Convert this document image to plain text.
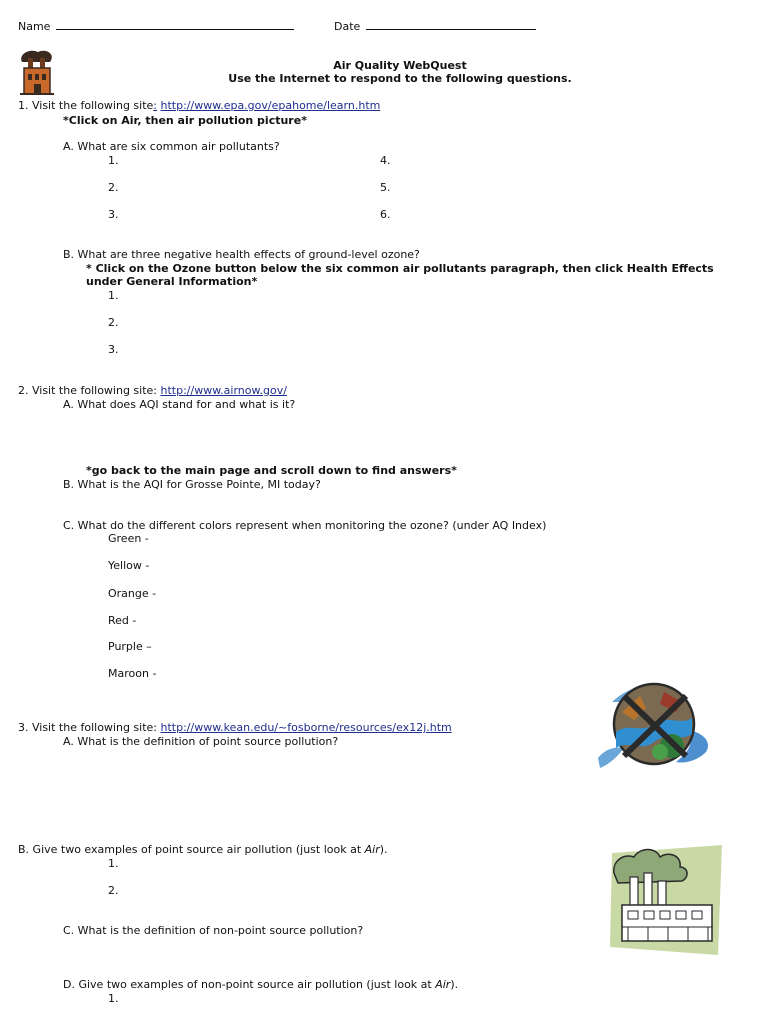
Name	Date
Air Quality WebQuest
Use the Internet to respond to the following questions.
1. Visit the following site: http://www.epa.gov/epahome/learn.htm
*Click on Air, then air pollution picture*
A. What are six common air pollutants?
1.
2.
3.
4.
5.
6.
B. What are three negative health effects of ground-level ozone?
* Click on the Ozone button below the six common air pollutants paragraph, then click Health Effects
under General Information*
1.
2.
3.
2. Visit the following site: http://www.airnow.gov/
A. What does AQI stand for and what is it?
*go back to the main page and scroll down to find answers*
B. What is the AQI for Grosse Pointe, MI today?
C. What do the different colors represent when monitoring the ozone? (under AQ Index)
Green -
Yellow -
Orange -
Red -
Purple –
Maroon -
3. Visit the following site: http://www.kean.edu/~fosborne/resources/ex12j.htm
A. What is the definition of point source pollution?
B. Give two examples of point source air pollution (just look at Air).
1.
2.
C. What is the definition of non-point source pollution?
D. Give two examples of non-point source air pollution (just look at Air).
1.
